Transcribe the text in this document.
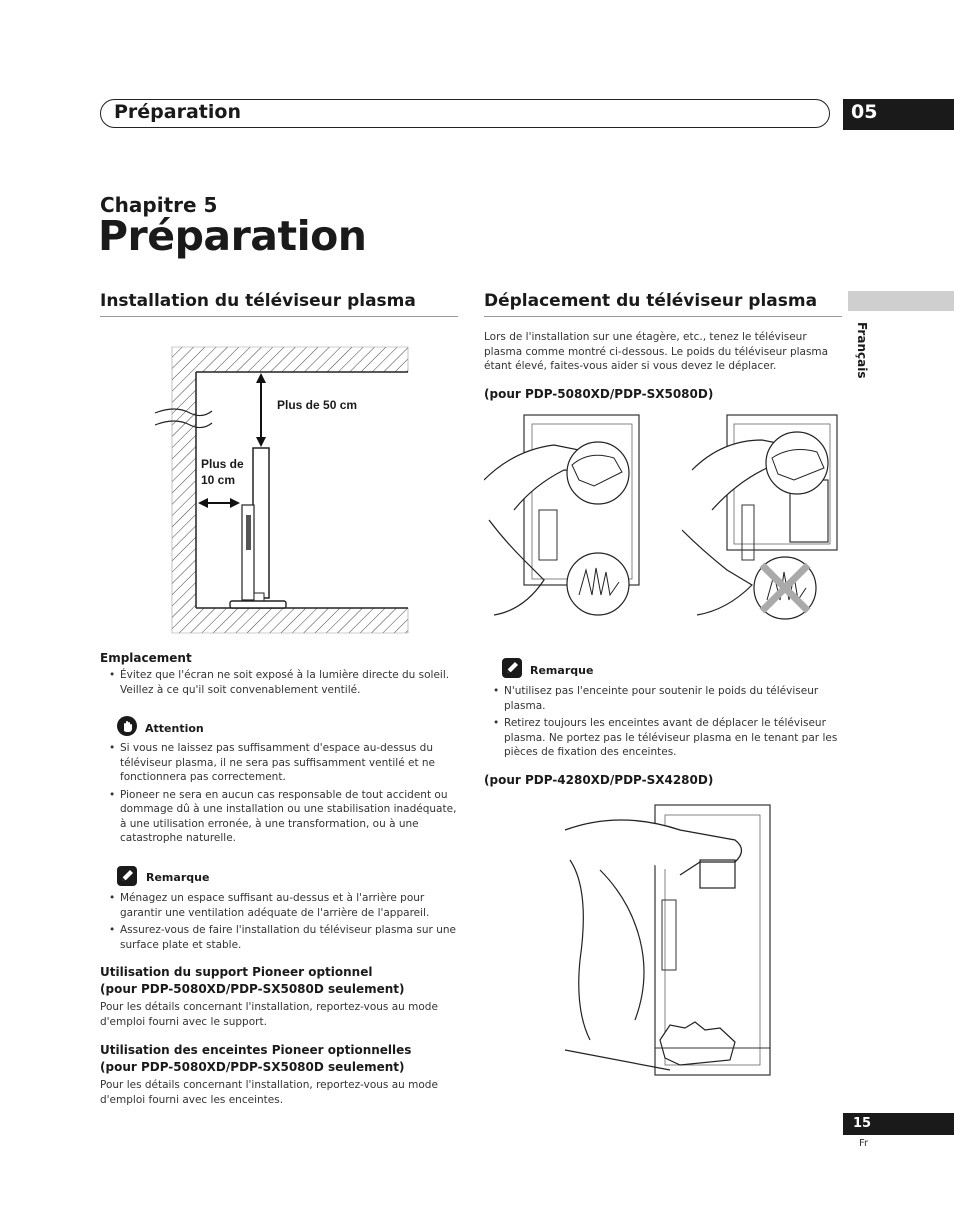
Préparation	05
Chapitre 5
Préparation
Français
Installation du téléviseur plasma
Plus de 50 cm
Plus de
10 cm
Emplacement
• Évitez que l'écran ne soit exposé à la lumière directe du soleil. Veillez à ce qu'il soit convenablement ventilé.
Attention
• Si vous ne laissez pas suffisamment d'espace au-dessus du téléviseur plasma, il ne sera pas suffisamment ventilé et ne fonctionnera pas correctement.
• Pioneer ne sera en aucun cas responsable de tout accident ou dommage dû à une installation ou une stabilisation inadéquate, à une utilisation erronée, à une transformation, ou à une catastrophe naturelle.
Remarque
• Ménagez un espace suffisant au-dessus et à l'arrière pour garantir une ventilation adéquate de l'arrière de l'appareil.
• Assurez-vous de faire l'installation du téléviseur plasma sur une surface plate et stable.
Utilisation du support Pioneer optionnel
(pour PDP-5080XD/PDP-SX5080D seulement)
Pour les détails concernant l'installation, reportez-vous au mode d'emploi fourni avec le support.
Utilisation des enceintes Pioneer optionnelles
(pour PDP-5080XD/PDP-SX5080D seulement)
Pour les détails concernant l'installation, reportez-vous au mode d'emploi fourni avec les enceintes.
Déplacement du téléviseur plasma
Lors de l'installation sur une étagère, etc., tenez le téléviseur plasma comme montré ci-dessous. Le poids du téléviseur plasma étant élevé, faites-vous aider si vous devez le déplacer.
(pour PDP-5080XD/PDP-SX5080D)
Remarque
• N'utilisez pas l'enceinte pour soutenir le poids du téléviseur plasma.
• Retirez toujours les enceintes avant de déplacer le téléviseur plasma. Ne portez pas le téléviseur plasma en le tenant par les pièces de fixation des enceintes.
(pour PDP-4280XD/PDP-SX4280D)
15
Fr
